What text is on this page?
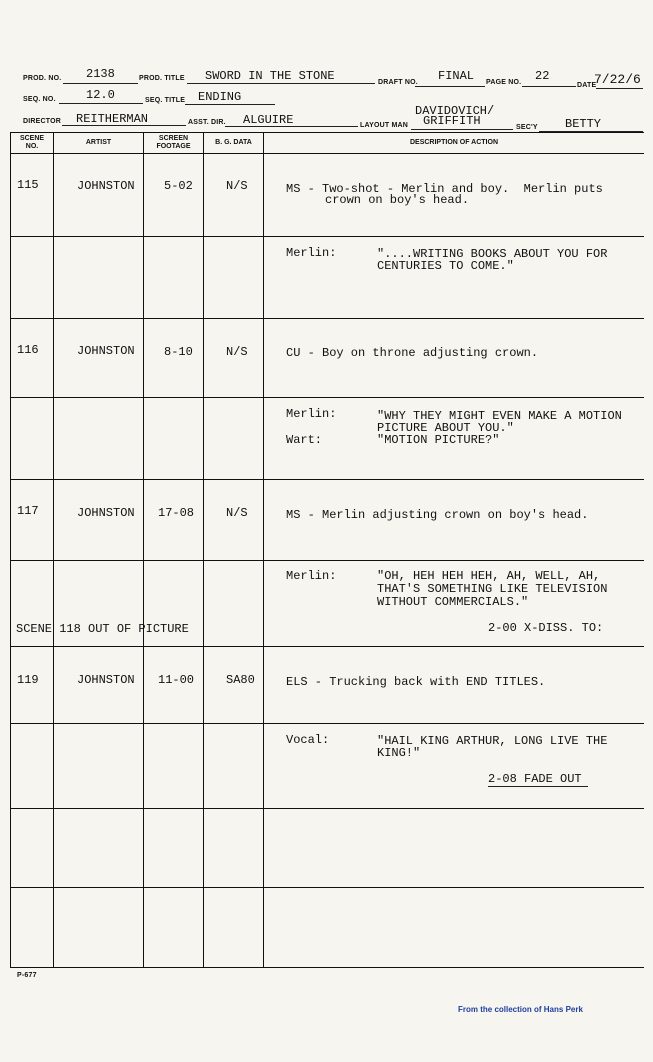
PROD. NO. 2138	PROD. TITLE SWORD IN THE STONE	DRAFT NO. FINAL PAGE NO. 22
DATE
7/22/6
SEQ. NO.	12.0	SEQ. TITLE ENDING
DIRECTOR REITHERMAN	ASST. DIR. ALGUIRE	LAYOUT MAN
DAVIDOVICH/
GRIFFITH	SEC'Y BETTY
SCENE
NO.
ARTIST
SCREEN
FOOTAGE
B. G. DATA	DESCRIPTION OF ACTION
115	JOHNSTON 5-02	N/S	MS - Two-shot - Merlin and boy.  Merlin puts
crown on boy's head.
Merlin:	"....WRITING BOOKS ABOUT YOU FOR
CENTURIES TO COME."
116	JOHNSTON 8-10	N/S	CU - Boy on throne adjusting crown.
Merlin:	"WHY THEY MIGHT EVEN MAKE A MOTION
PICTURE ABOUT YOU."
Wart:	"MOTION PICTURE?"
117	JOHNSTON 17-08	N/S	MS - Merlin adjusting crown on boy's head.
Merlin:	"OH, HEH HEH HEH, AH, WELL, AH,
THAT'S SOMETHING LIKE TELEVISION
WITHOUT COMMERCIALS."
SCENE 118 OUT OF PICTURE	2-00 X-DISS. TO:
119	JOHNSTON 11-00	SA80	ELS - Trucking back with END TITLES.
Vocal:	"HAIL KING ARTHUR, LONG LIVE THE
KING!"
2-08 FADE OUT
P-677
From the collection of Hans Perk
